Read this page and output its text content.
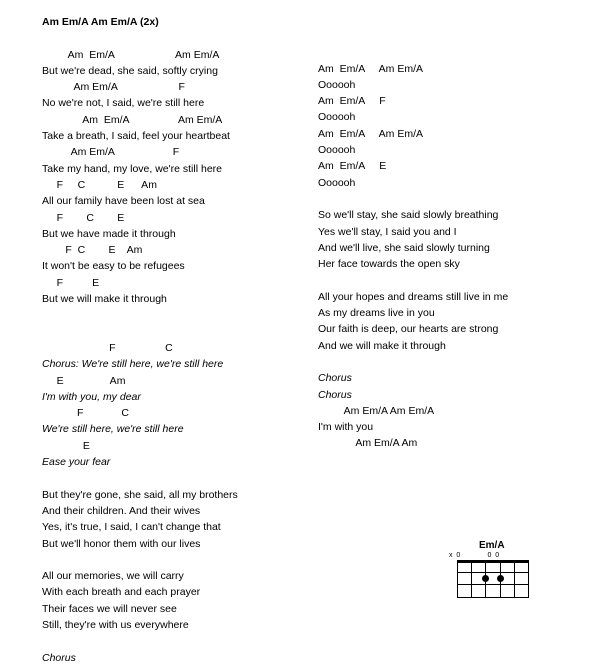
Am Em/A Am Em/A (2x)
Am  Em/A                     Am Em/A
But we're dead, she said, softly crying
Am Em/A                     F
No we're not, I said, we're still here
Am  Em/A                 Am Em/A
Take a breath, I said, feel your heartbeat
Am Em/A                    F
Take my hand, my love, we're still here
F     C           E      Am
All our family have been lost at sea
F        C        E
But we have made it through
F  C        E    Am
It won't be easy to be refugees
F          E
But we will make it through
F                 C
Chorus: We're still here, we're still here
E                Am
I'm with you, my dear
F             C
We're still here, we're still here
E
Ease your fear
But they're gone, she said, all my brothers
And their children. And their wives
Yes, it's true, I said, I can't change that
But we'll honor them with our lives
All our memories, we will carry
With each breath and each prayer
Their faces we will never see
Still, they're with us everywhere
Chorus
Am  Em/A     Am Em/A
Oooooh
Am  Em/A     F
Oooooh
Am  Em/A     Am Em/A
Oooooh
Am  Em/A     E
Oooooh
So we'll stay, she said slowly breathing
Yes we'll stay, I said you and I
And we'll live, she said slowly turning
Her face towards the open sky
All your hopes and dreams still live in me
As my dreams live in you
Our faith is deep, our hearts are strong
And we will make it through
Chorus
Chorus
Am Em/A Am Em/A
I'm with you
Am Em/A Am
Em/A
x  0              0  0
